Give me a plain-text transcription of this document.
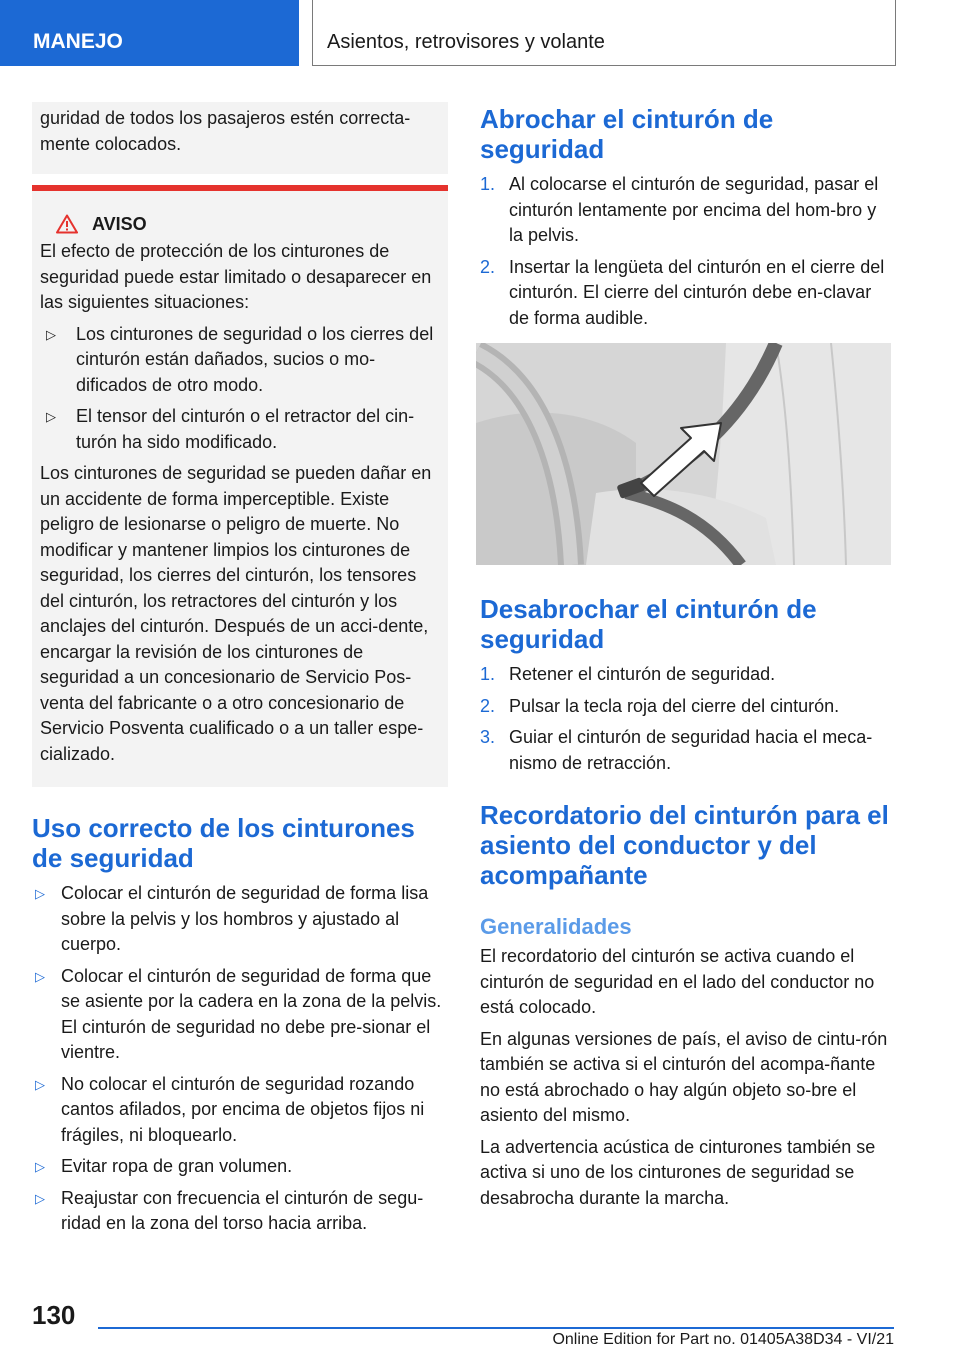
MANEJO	Asientos, retrovisores y volante

guridad de todos los pasajeros estén correcta-mente colocados.

AVISO

El efecto de protección de los cinturones de seguridad puede estar limitado o desaparecer en las siguientes situaciones:

▷ Los cinturones de seguridad o los cierres del cinturón están dañados, sucios o mo-dificados de otro modo.
▷ El tensor del cinturón o el retractor del cin-turón ha sido modificado.

Los cinturones de seguridad se pueden dañar en un accidente de forma imperceptible. Existe peligro de lesionarse o peligro de muerte. No modificar y mantener limpios los cinturones de seguridad, los cierres del cinturón, los tensores del cinturón, los retractores del cinturón y los anclajes del cinturón. Después de un acci-dente, encargar la revisión de los cinturones de seguridad a un concesionario de Servicio Pos-venta del fabricante o a otro concesionario de Servicio Posventa cualificado o a un taller espe-cializado.

Uso correcto de los cinturones de seguridad
▷ Colocar el cinturón de seguridad de forma lisa sobre la pelvis y los hombros y ajustado al cuerpo.
▷ Colocar el cinturón de seguridad de forma que se asiente por la cadera en la zona de la pelvis. El cinturón de seguridad no debe pre-sionar el vientre.
▷ No colocar el cinturón de seguridad rozando cantos afilados, por encima de objetos fijos ni frágiles, ni bloquearlo.
▷ Evitar ropa de gran volumen.
▷ Reajustar con frecuencia el cinturón de segu-ridad en la zona del torso hacia arriba.
Abrochar el cinturón de seguridad
1. Al colocarse el cinturón de seguridad, pasar el cinturón lentamente por encima del hom-bro y la pelvis.
2. Insertar la lengüeta del cinturón en el cierre del cinturón. El cierre del cinturón debe en-clavar de forma audible.
Desabrochar el cinturón de seguridad
1. Retener el cinturón de seguridad.
2. Pulsar la tecla roja del cierre del cinturón.
3. Guiar el cinturón de seguridad hacia el meca-nismo de retracción.
Recordatorio del cinturón para el asiento del conductor y del acompañante
Generalidades

El recordatorio del cinturón se activa cuando el cinturón de seguridad en el lado del conductor no está colocado.

En algunas versiones de país, el aviso de cintu-rón también se activa si el cinturón del acompa-ñante no está abrochado o hay algún objeto so-bre el asiento del mismo.

La advertencia acústica de cinturones también se activa si uno de los cinturones de seguridad se desabrocha durante la marcha.

130
Online Edition for Part no. 01405A38D34 - VI/21
